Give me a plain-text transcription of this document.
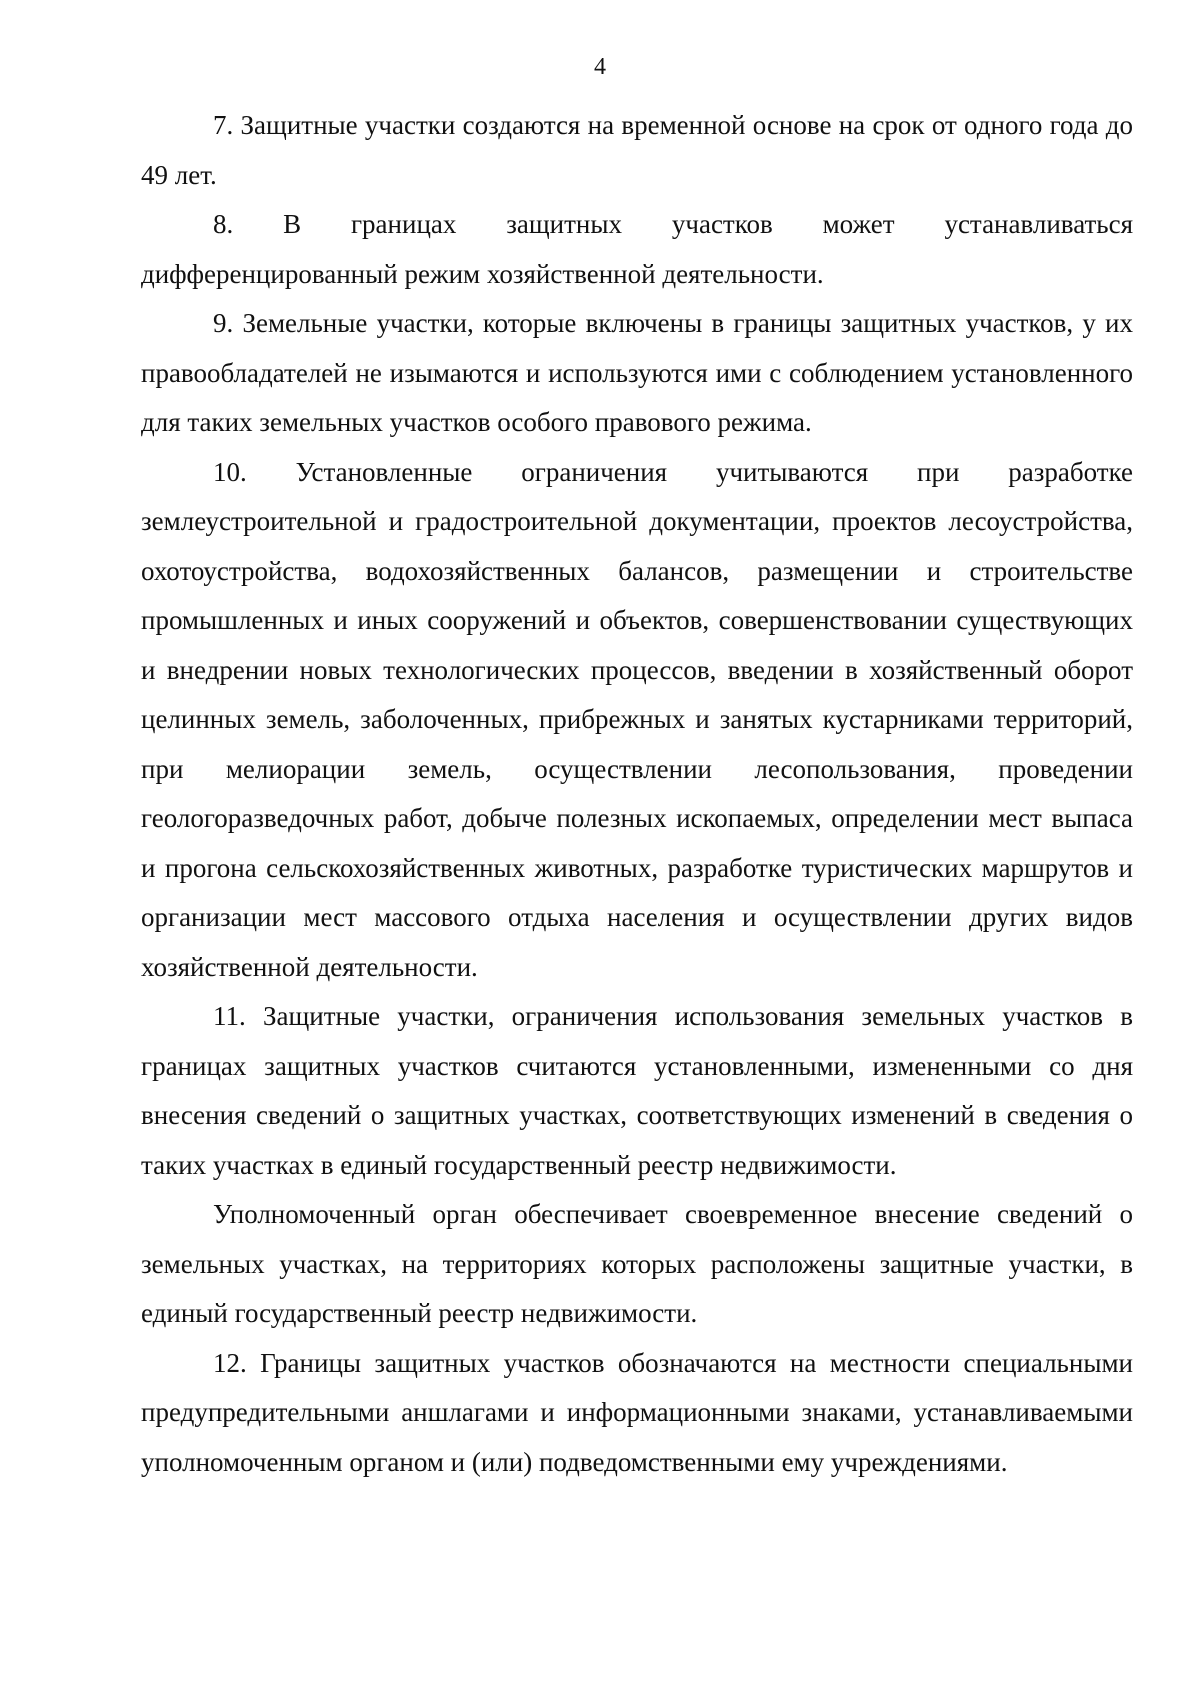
4

7. Защитные участки создаются на временной основе на срок от одного года до 49 лет.

8. В границах защитных участков может устанавливаться дифференцированный режим хозяйственной деятельности.

9. Земельные участки, которые включены в границы защитных участков, у их правообладателей не изымаются и используются ими с соблюдением установленного для таких земельных участков особого правового режима.

10. Установленные ограничения учитываются при разработке землеустроительной и градостроительной документации, проектов лесоустройства, охотоустройства, водохозяйственных балансов, размещении и строительстве промышленных и иных сооружений и объектов, совершенствовании существующих и внедрении новых технологических процессов, введении в хозяйственный оборот целинных земель, заболоченных, прибрежных и занятых кустарниками территорий, при мелиорации земель, осуществлении лесопользования, проведении геологоразведочных работ, добыче полезных ископаемых, определении мест выпаса и прогона сельскохозяйственных животных, разработке туристических маршрутов и организации мест массового отдыха населения и осуществлении других видов хозяйственной деятельности.

11. Защитные участки, ограничения использования земельных участков в границах защитных участков считаются установленными, измененными со дня внесения сведений о защитных участках, соответствующих изменений в сведения о таких участках в единый государственный реестр недвижимости.

Уполномоченный орган обеспечивает своевременное внесение сведений о земельных участках, на территориях которых расположены защитные участки, в единый государственный реестр недвижимости.

12. Границы защитных участков обозначаются на местности специальными предупредительными аншлагами и информационными знаками, устанавливаемыми уполномоченным органом и (или) подведомственными ему учреждениями.
